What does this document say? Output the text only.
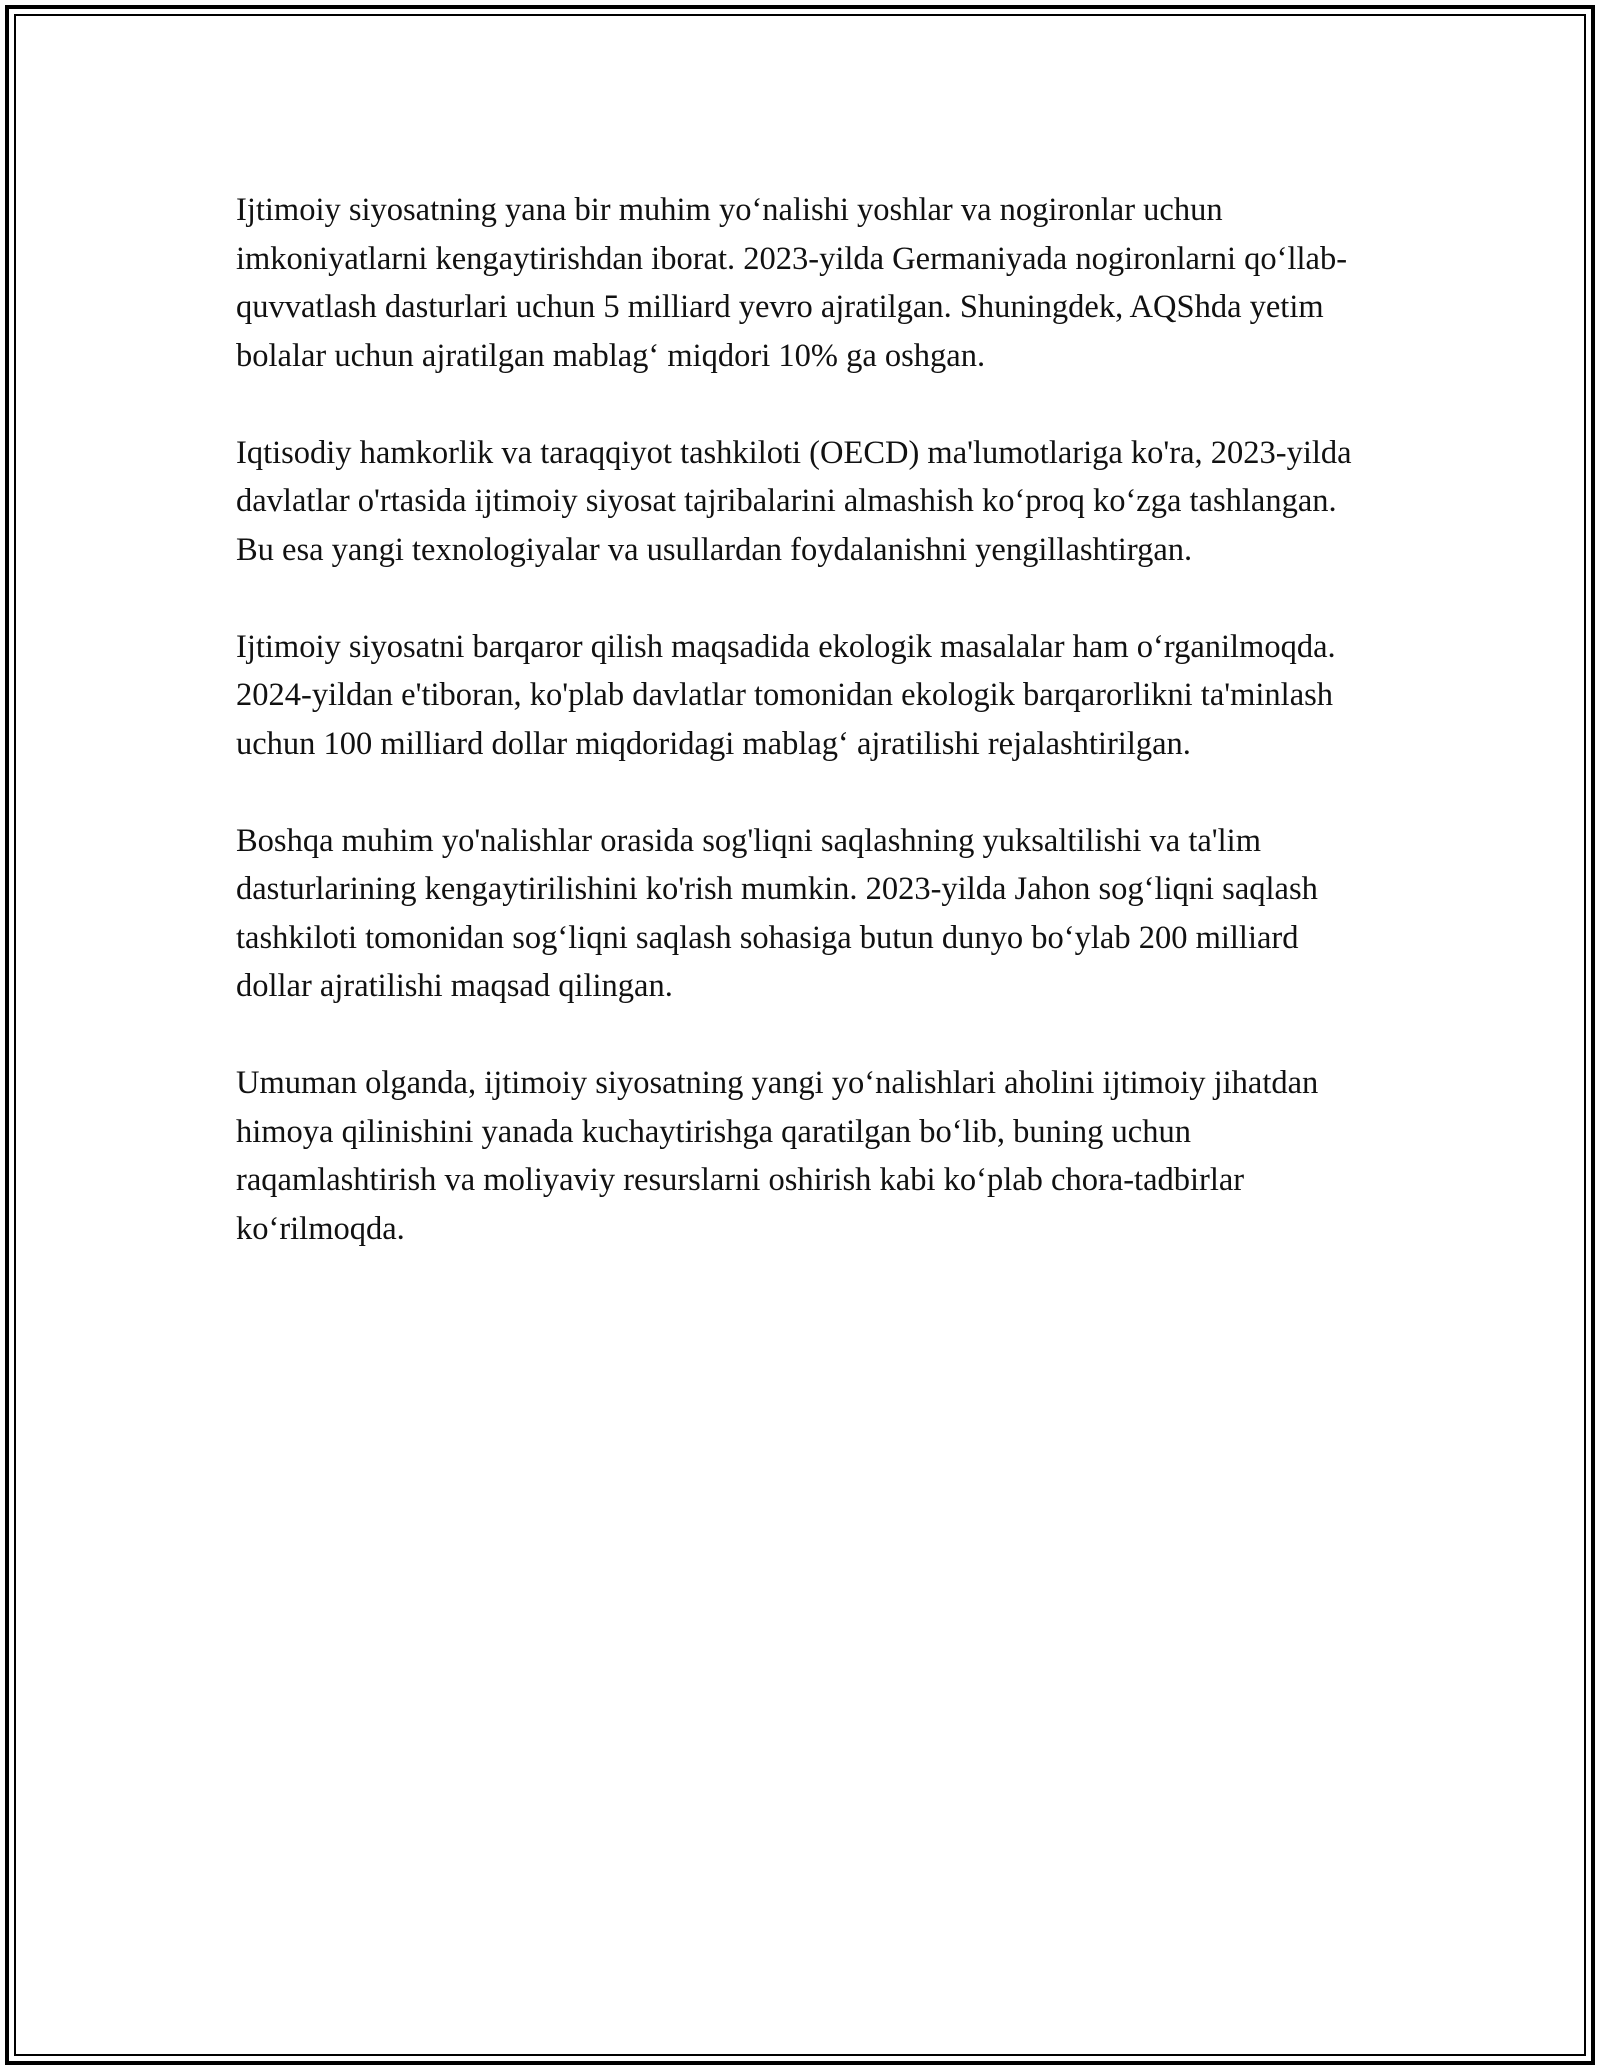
Ijtimoiy siyosatning yana bir muhim yo‘nalishi yoshlar va nogironlar uchun imkoniyatlarni kengaytirishdan iborat. 2023-yilda Germaniyada nogironlarni qo‘llab-quvvatlash dasturlari uchun 5 milliard yevro ajratilgan. Shuningdek, AQShda yetim bolalar uchun ajratilgan mablag‘ miqdori 10% ga oshgan.

Iqtisodiy hamkorlik va taraqqiyot tashkiloti (OECD) ma'lumotlariga ko'ra, 2023-yilda davlatlar o'rtasida ijtimoiy siyosat tajribalarini almashish ko‘proq ko‘zga tashlangan. Bu esa yangi texnologiyalar va usullardan foydalanishni yengillashtirgan.

Ijtimoiy siyosatni barqaror qilish maqsadida ekologik masalalar ham o‘rganilmoqda. 2024-yildan e'tiboran, ko'plab davlatlar tomonidan ekologik barqarorlikni ta'minlash uchun 100 milliard dollar miqdoridagi mablag‘ ajratilishi rejalashtirilgan.

Boshqa muhim yo'nalishlar orasida sog'liqni saqlashning yuksaltilishi va ta'lim dasturlarining kengaytirilishini ko'rish mumkin. 2023-yilda Jahon sog‘liqni saqlash tashkiloti tomonidan sog‘liqni saqlash sohasiga butun dunyo bo‘ylab 200 milliard dollar ajratilishi maqsad qilingan.

Umuman olganda, ijtimoiy siyosatning yangi yo‘nalishlari aholini ijtimoiy jihatdan himoya qilinishini yanada kuchaytirishga qaratilgan bo‘lib, buning uchun raqamlashtirish va moliyaviy resurslarni oshirish kabi ko‘plab chora-tadbirlar ko‘rilmoqda.
